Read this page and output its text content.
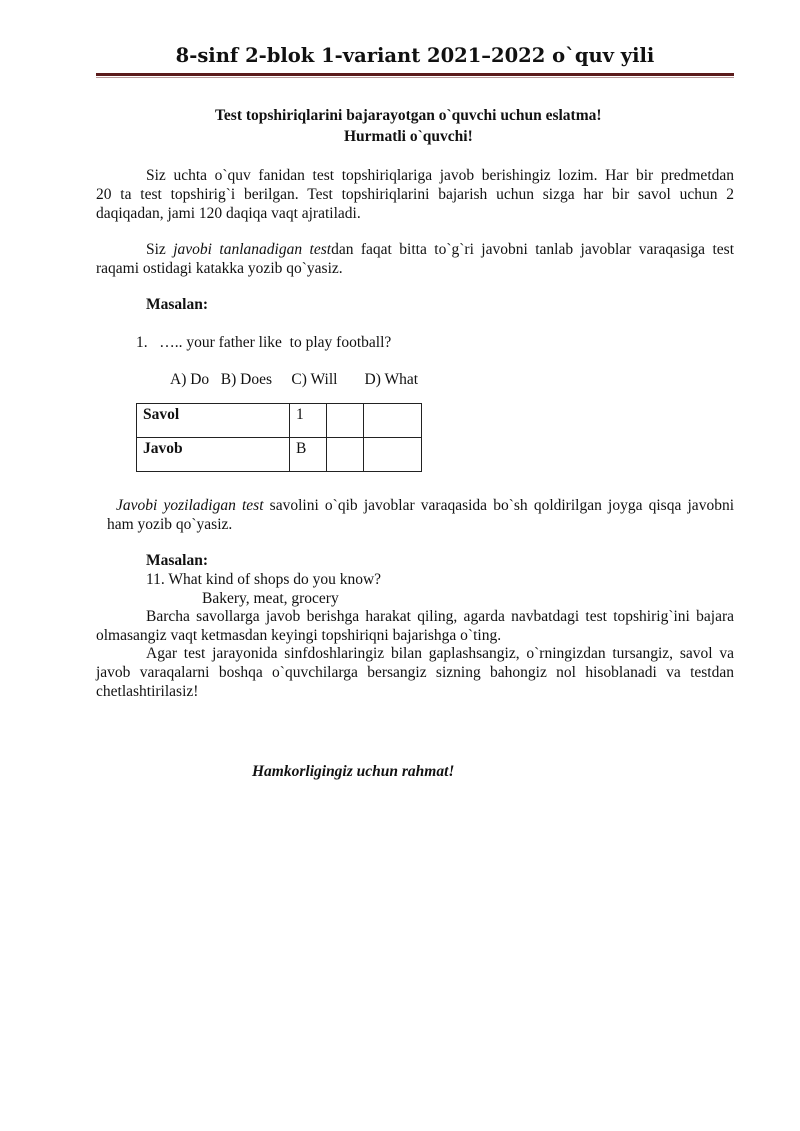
8-sinf 2-blok 1-variant 2021–2022 o`quv yili
Test topshiriqlarini bajarayotgan o`quvchi uchun eslatma!
Hurmatli o`quvchi!
Siz uchta o`quv fanidan test topshiriqlariga javob berishingiz lozim. Har bir predmetdan
20 ta test topshirig`i berilgan. Test topshiriqlarini bajarish uchun sizga har bir savol uchun 2
daqiqadan, jami 120 daqiqa vaqt ajratiladi.
Siz javobi tanlanadigan testdan faqat bitta to`g`ri javobni tanlab javoblar varaqasiga test
raqami ostidagi katakka yozib qo`yasiz.
Masalan:
1.   ….. your father like  to play football?
A) Do   B) Does     C) Will       D) What
Savol	1		
Javob	B		
Javobi yoziladigan test savolini o`qib javoblar varaqasida bo`sh qoldirilgan joyga qisqa javobni
ham yozib qo`yasiz.
Masalan:
11. What kind of shops do you know?
Bakery, meat, grocery
Barcha savollarga javob berishga harakat qiling, agarda navbatdagi test topshirig`ini bajara
olmasangiz vaqt ketmasdan keyingi topshiriqni bajarishga o`ting.
Agar test jarayonida sinfdoshlaringiz bilan gaplashsangiz, o`rningizdan tursangiz, savol va
javob varaqalarni boshqa o`quvchilarga bersangiz sizning bahongiz nol hisoblanadi va testdan
chetlashtirilasiz!
Hamkorligingiz uchun rahmat!
